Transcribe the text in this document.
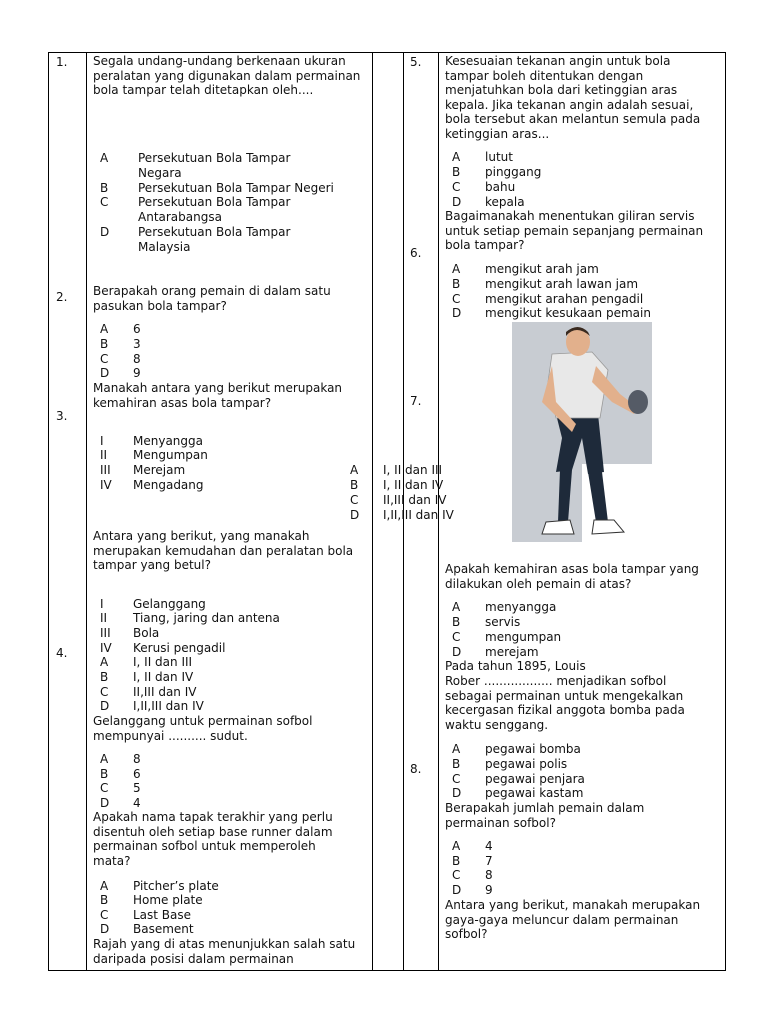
1. Segala undang-undang berkenaan ukuran peralatan yang digunakan dalam permainan bola tampar telah ditetapkan oleh....
A Persekutuan Bola Tampar Negara
B Persekutuan Bola Tampar Negeri
C Persekutuan Bola Tampar Antarabangsa
D Persekutuan Bola Tampar Malaysia
2. Berapakah orang pemain di dalam satu pasukan bola tampar?
A 6
B 3
C 8
D 9
3.
Manakah antara yang berikut merupakan kemahiran asas bola tampar?
I Menyangga
II Mengumpan
III Merejam
IV Mengadang
A I, II dan III
B I, II dan IV
C II,III dan IV
D I,II,III dan IV
4.
Antara yang berikut, yang manakah merupakan kemudahan dan peralatan bola tampar yang betul?
I Gelanggang
II Tiang, jaring dan antena
III Bola
IV Kerusi pengadil
A I, II dan III
B I, II dan IV
C II,III dan IV
D I,II,III dan IV
Gelanggang untuk permainan sofbol mempunyai .......... sudut.
A 8
B 6
C 5
D 4
Apakah nama tapak terakhir yang perlu disentuh oleh setiap base runner dalam permainan sofbol untuk memperoleh mata?
A Pitcher’s plate
B Home plate
C Last Base
D Basement
Rajah yang di atas menunjukkan salah satu daripada posisi dalam permainan
5. Kesesuaian tekanan angin untuk bola tampar boleh ditentukan dengan menjatuhkan bola dari ketinggian aras kepala. Jika tekanan angin adalah sesuai, bola tersebut akan melantun semula pada ketinggian aras...
A lutut
B pinggang
C bahu
D kepala
6.
Bagaimanakah menentukan giliran servis untuk setiap pemain sepanjang permainan bola tampar?
A mengikut arah jam
B mengikut arah lawan jam
C mengikut arahan pengadil
D mengikut kesukaan pemain
7.
Apakah kemahiran asas bola tampar yang dilakukan oleh pemain di atas?
A menyangga
B servis
C mengumpan
D merejam
8.
Pada tahun 1895, Louis
Rober .................. menjadikan sofbol sebagai permainan untuk mengekalkan kecergasan fizikal anggota bomba pada waktu senggang.
A pegawai bomba
B pegawai polis
C pegawai penjara
D pegawai kastam
Berapakah jumlah pemain dalam permainan sofbol?
A 4
B 7
C 8
D 9
Antara yang berikut, manakah merupakan gaya-gaya meluncur dalam permainan sofbol?
